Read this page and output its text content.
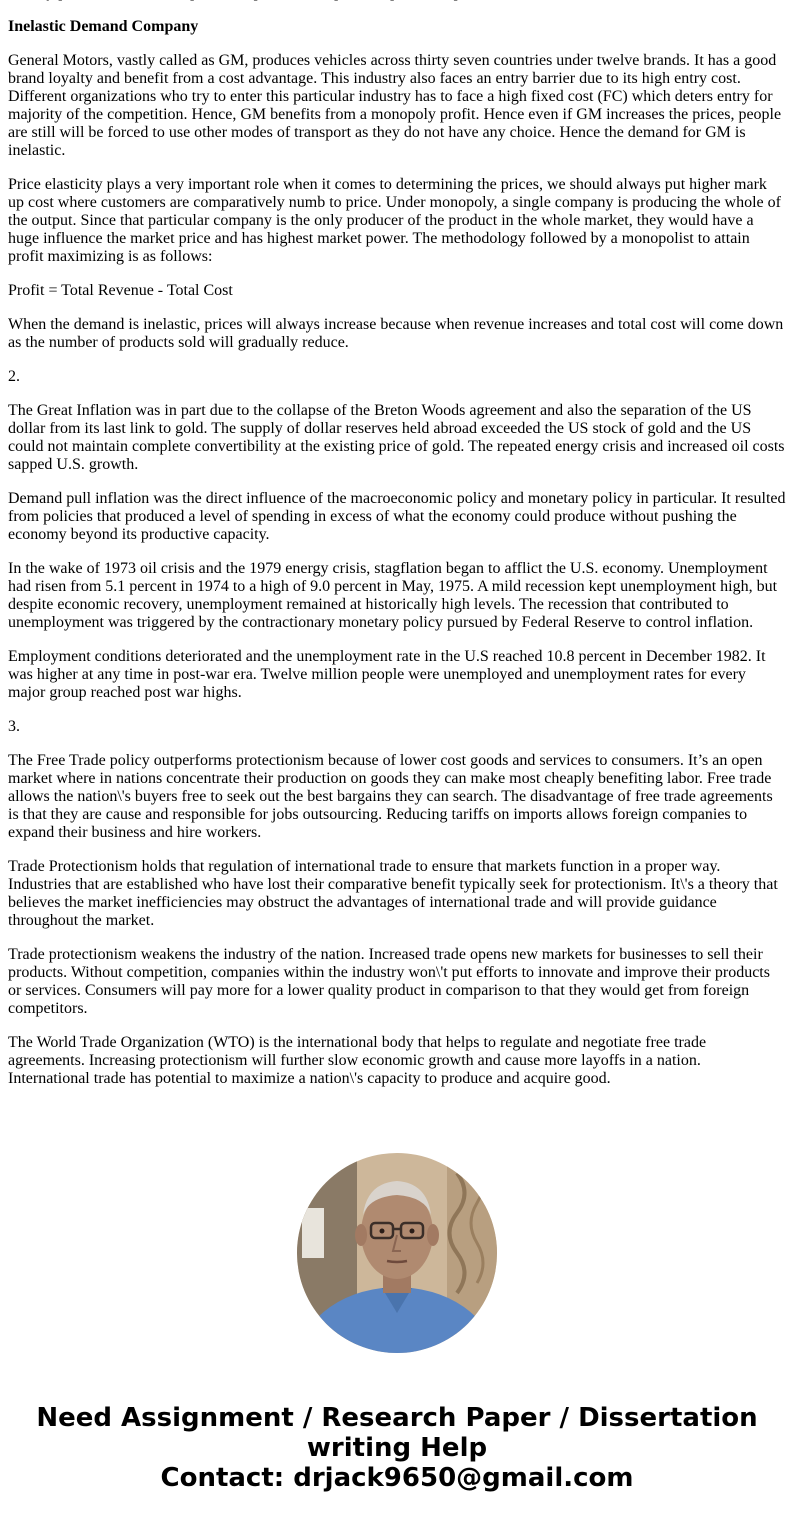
Inelastic Demand Company

General Motors, vastly called as GM, produces vehicles across thirty seven countries under twelve brands. It has a good brand loyalty and benefit from a cost advantage. This industry also faces an entry barrier due to its high entry cost. Different organizations who try to enter this particular industry has to face a high fixed cost (FC) which deters entry for majority of the competition. Hence, GM benefits from a monopoly profit. Hence even if GM increases the prices, people are still will be forced to use other modes of transport as they do not have any choice. Hence the demand for GM is inelastic.

Price elasticity plays a very important role when it comes to determining the prices, we should always put higher mark up cost where customers are comparatively numb to price. Under monopoly, a single company is producing the whole of the output. Since that particular company is the only producer of the product in the whole market, they would have a huge influence the market price and has highest market power. The methodology followed by a monopolist to attain profit maximizing is as follows:

Profit = Total Revenue - Total Cost

When the demand is inelastic, prices will always increase because when revenue increases and total cost will come down as the number of products sold will gradually reduce.

2.

The Great Inflation was in part due to the collapse of the Breton Woods agreement and also the separation of the US dollar from its last link to gold. The supply of dollar reserves held abroad exceeded the US stock of gold and the US could not maintain complete convertibility at the existing price of gold. The repeated energy crisis and increased oil costs sapped U.S. growth.

Demand pull inflation was the direct influence of the macroeconomic policy and monetary policy in particular. It resulted from policies that produced a level of spending in excess of what the economy could produce without pushing the economy beyond its productive capacity.

In the wake of 1973 oil crisis and the 1979 energy crisis, stagflation began to afflict the U.S. economy. Unemployment had risen from 5.1 percent in 1974 to a high of 9.0 percent in May, 1975. A mild recession kept unemployment high, but despite economic recovery, unemployment remained at historically high levels. The recession that contributed to unemployment was triggered by the contractionary monetary policy pursued by Federal Reserve to control inflation.

Employment conditions deteriorated and the unemployment rate in the U.S reached 10.8 percent in December 1982. It was higher at any time in post-war era. Twelve million people were unemployed and unemployment rates for every major group reached post war highs.

3.

The Free Trade policy outperforms protectionism because of lower cost goods and services to consumers. It’s an open market where in nations concentrate their production on goods they can make most cheaply benefiting labor. Free trade allows the nation\'s buyers free to seek out the best bargains they can search. The disadvantage of free trade agreements is that they are cause and responsible for jobs outsourcing. Reducing tariffs on imports allows foreign companies to expand their business and hire workers.

Trade Protectionism holds that regulation of international trade to ensure that markets function in a proper way. Industries that are established who have lost their comparative benefit typically seek for protectionism. It\'s a theory that believes the market inefficiencies may obstruct the advantages of international trade and will provide guidance throughout the market.

Trade protectionism weakens the industry of the nation. Increased trade opens new markets for businesses to sell their products. Without competition, companies within the industry won\'t put efforts to innovate and improve their products or services. Consumers will pay more for a lower quality product in comparison to that they would get from foreign competitors.

The World Trade Organization (WTO) is the international body that helps to regulate and negotiate free trade agreements. Increasing protectionism will further slow economic growth and cause more layoffs in a nation. International trade has potential to maximize a nation\'s capacity to produce and acquire good.

Need Assignment / Research Paper / Dissertation
writing Help
Contact: drjack9650@gmail.com
